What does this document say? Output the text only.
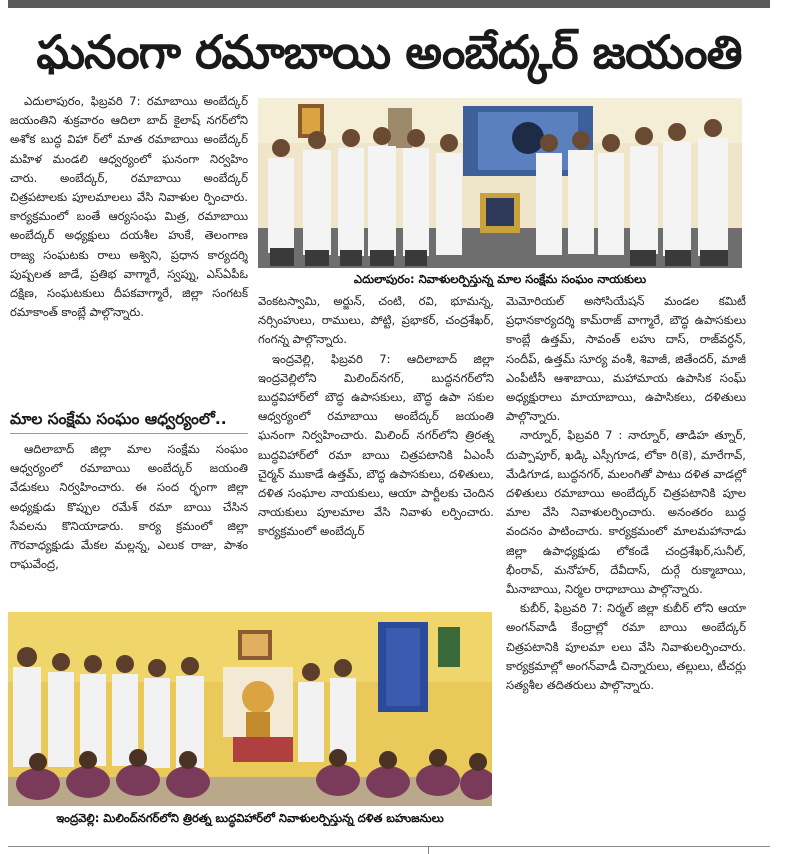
ఘనంగా రమాబాయి అంబేద్కర్ జయంతి

ఎదులాపురం, ఫిబ్రవరి 7: రమాబాయి అంబేద్కర్ జయంతిని శుక్రవారం ఆదిలా బాద్ కైలాష్ నగర్‌లోని అశోక బుద్ధ విహా ర్‌లో మాత రమాబాయి అంబేద్కర్ మహిళ మండలి ఆధ్వర్యంలో ఘనంగా నిర్వహిం చారు. అంబేద్కర్, రమాబాయి అంబేద్కర్ చిత్రపటాలకు పూలమాలలు వేసి నివాళుల ర్పించారు. కార్యక్రమంలో బంతే ఆర్యసంఘ మిత్ర, రమాబాయి అంబేద్కర్ అధ్యక్షులు దయశీల హుకే, తెలంగాణ రాజ్య సంఘటకు రాలు అశ్విని, ప్రధాన కార్యదర్శి పుష్పలత జాడే, ప్రతిభ వాగ్మారే, స్వప్ను, ఎస్ఏపీఓ దక్షిణ, సంఘటకులు దీపకవాగ్మారే, జిల్లా సంగటక్ రమాకాంత్ కాంబ్లే పాల్గొన్నారు.

మాల సంక్షేమ సంఘం ఆధ్వర్యంలో..

ఆదిలాబాద్ జిల్లా మాల సంక్షేమ సంఘం ఆధ్వర్యంలో రమాబాయి అంబేద్కర్ జయంతి వేడుకలు నిర్వహించారు. ఈ సంద ర్భంగా జిల్లా అధ్యక్షుడు కొప్పుల రమేశ్ రమా బాయి చేసిన సేవలను కొనియాడారు. కార్య క్రమంలో జిల్లా గౌరవాధ్యక్షుడు మేకల మల్లన్న, ఎలుక రాజు, పాశం రాఘవేంద్ర,

ఎదులాపురం: నివాళులర్పిస్తున్న మాల సంక్షేమ సంఘం నాయకులు

వెంకటస్వామి, అర్జున్, చంటి, రవి, భూమన్న, నర్సింహులు, రాములు, పోట్టి, ప్రభాకర్, చంద్రశేఖర్, గంగన్న పాల్గొన్నారు.

ఇంద్రవెల్లి, ఫిబ్రవరి 7: ఆదిలాబాద్ జిల్లా ఇంద్రవెల్లిలోని మిలింద్‌నగర్, బుద్ధనగర్‌లోని బుద్ధవిహార్‌లో బౌద్ధ ఉపాసకులు, బౌద్ధ ఉపా సకుల ఆధ్వర్యంలో రమాబాయి అంబేద్కర్ జయంతి ఘనంగా నిర్వహించారు. మిలింద్ నగర్‌లోని త్రిరత్న బుద్ధవిహార్‌లో రమా బాయి చిత్రపటానికి ఏఎంసీ చైర్మన్ ముకాడే ఉత్తమ్, బౌద్ధ ఉపాసకులు, దళితులు, దళిత సంఘాల నాయకులు, ఆయా పార్టీలకు చెందిన నాయకులు పూలమాల వేసి నివాళు లర్పించారు. కార్యక్రమంలో అంబేద్కర్

మెమోరియల్ అసోసియేషన్ మండల కమిటీ ప్రధానకార్యదర్శి కామ్‌రాజ్ వాగ్మారే, బౌద్ధ ఉపాసకులు కాంబ్లే ఉత్తమ్, సావంత్ లహు దాస్, రాజ్‌వర్ధన్, సందీప్, ఉత్తమ్ సూర్య వంశీ, శివాజీ, జితేందర్, మాజీ ఎంపీటీసీ ఆశాబాయి, మహామాయ ఉపాసిక సంఘ్ అధ్యక్షురాలు మాయాబాయి, ఉపాసికలు, దళితులు పాల్గొన్నారు.

నార్నూర్, ఫిబ్రవరి 7 : నార్నూర్, తాడిహ త్నూర్, దుప్పాపూర్, ఖడ్కి ఎస్సీగూడ, లోకా రి(కె), మారేగావ్, మేడిగూడ, బుద్ధనగర్, మలంగితో పాటు దళిత వాడల్లో దళితులు రమాబాయి అంబేద్కర్ చిత్రపటానికి పూల మాల వేసి నివాళులర్పించారు. అనంతరం బుద్ధ వందనం పాటించారు. కార్యక్రమంలో మాలమహానాడు జిల్లా ఉపాధ్యక్షుడు లోకండే చంద్రశేఖర్,సునీల్, భీంరావ్, మనోహర్, దేవీదాస్, దుర్గే రుక్మాబాయి, మీనాబాయి, నిర్మల రాధాబాయి పాల్గొన్నారు.

కుబీర్, ఫిబ్రవరి 7: నిర్మల్ జిల్లా కుబీర్ లోని ఆయా అంగన్‌వాడీ కేంద్రాల్లో రమా బాయి అంబేద్కర్ చిత్రపటానికి పూలమా లలు వేసి నివాళులర్పించారు. కార్యక్రమాల్లో అంగన్‌వాడీ చిన్నారులు, తల్లులు, టీచర్లు సత్యశీల తదితరులు పాల్గొన్నారు.

ఇంద్రవెల్లి: మిలింద్‌నగర్‌లోని త్రిరత్న బుద్ధవిహార్‌లో నివాళులర్పిస్తున్న దళిత బహుజనులు
